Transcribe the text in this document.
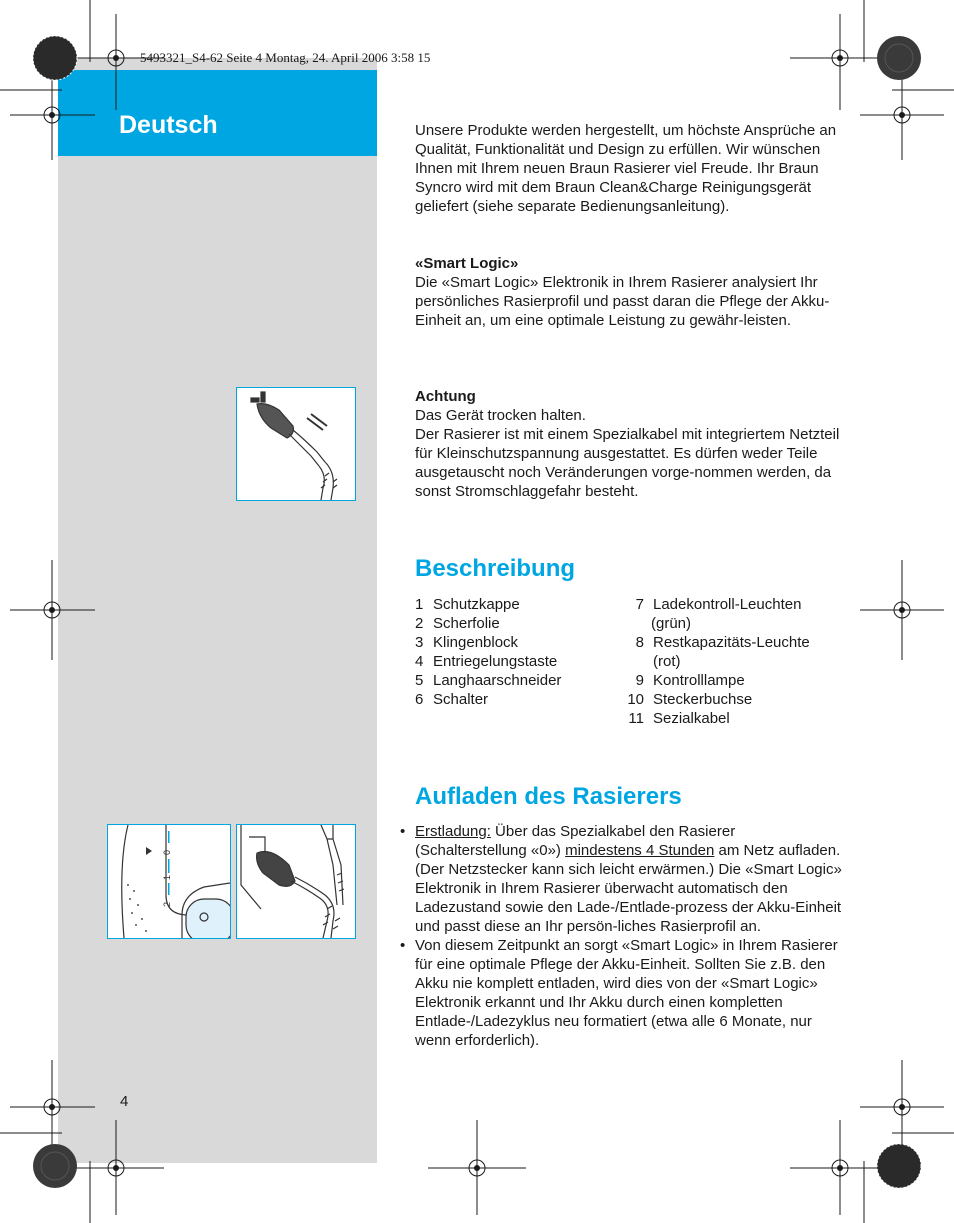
Deutsch
5493321_S4-62 Seite 4 Montag, 24. April 2006 3:58 15
Unsere Produkte werden hergestellt, um höchste Ansprüche an Qualität, Funktionalität und Design zu erfüllen. Wir wünschen Ihnen mit Ihrem neuen Braun Rasierer viel Freude. Ihr Braun Syncro wird mit dem Braun Clean&Charge Reinigungsgerät geliefert (siehe separate Bedienungsanleitung).

«Smart Logic»

Die «Smart Logic» Elektronik in Ihrem Rasierer analysiert Ihr persönliches Rasierprofil und passt daran die Pflege der Akku-Einheit an, um eine optimale Leistung zu gewähr-leisten.

Achtung

Das Gerät trocken halten.

Der Rasierer ist mit einem Spezialkabel mit integriertem Netzteil für Kleinschutzspannung ausgestattet. Es dürfen weder Teile ausgetauscht noch Veränderungen vorge-nommen werden, da sonst Stromschlaggefahr besteht.

Beschreibung
1 Schutzkappe
2 Scherfolie
3 Klingenblock
4 Entriegelungstaste
5 Langhaarschneider
6 Schalter
7 Ladekontroll-Leuchten
(grün)
8 Restkapazitäts-Leuchte
(rot)
9 Kontrolllampe
10 Steckerbuchse
11 Sezialkabel
Aufladen des Rasierers
• Erstladung: Über das Spezialkabel den Rasierer (Schalterstellung «0») mindestens 4 Stunden am Netz aufladen. (Der Netzstecker kann sich leicht erwärmen.) Die «Smart Logic» Elektronik in Ihrem Rasierer überwacht automatisch den Ladezustand sowie den Lade-/Entlade-prozess der Akku-Einheit und passt diese an Ihr persön-liches Rasierprofil an.
• Von diesem Zeitpunkt an sorgt «Smart Logic» in Ihrem Rasierer für eine optimale Pflege der Akku-Einheit. Sollten Sie z.B. den Akku nie komplett entladen, wird dies von der «Smart Logic» Elektronik erkannt und Ihr Akku durch einen kompletten Entlade-/Ladezyklus neu formatiert (etwa alle 6 Monate, nur wenn erforderlich).
0
1
2
4
